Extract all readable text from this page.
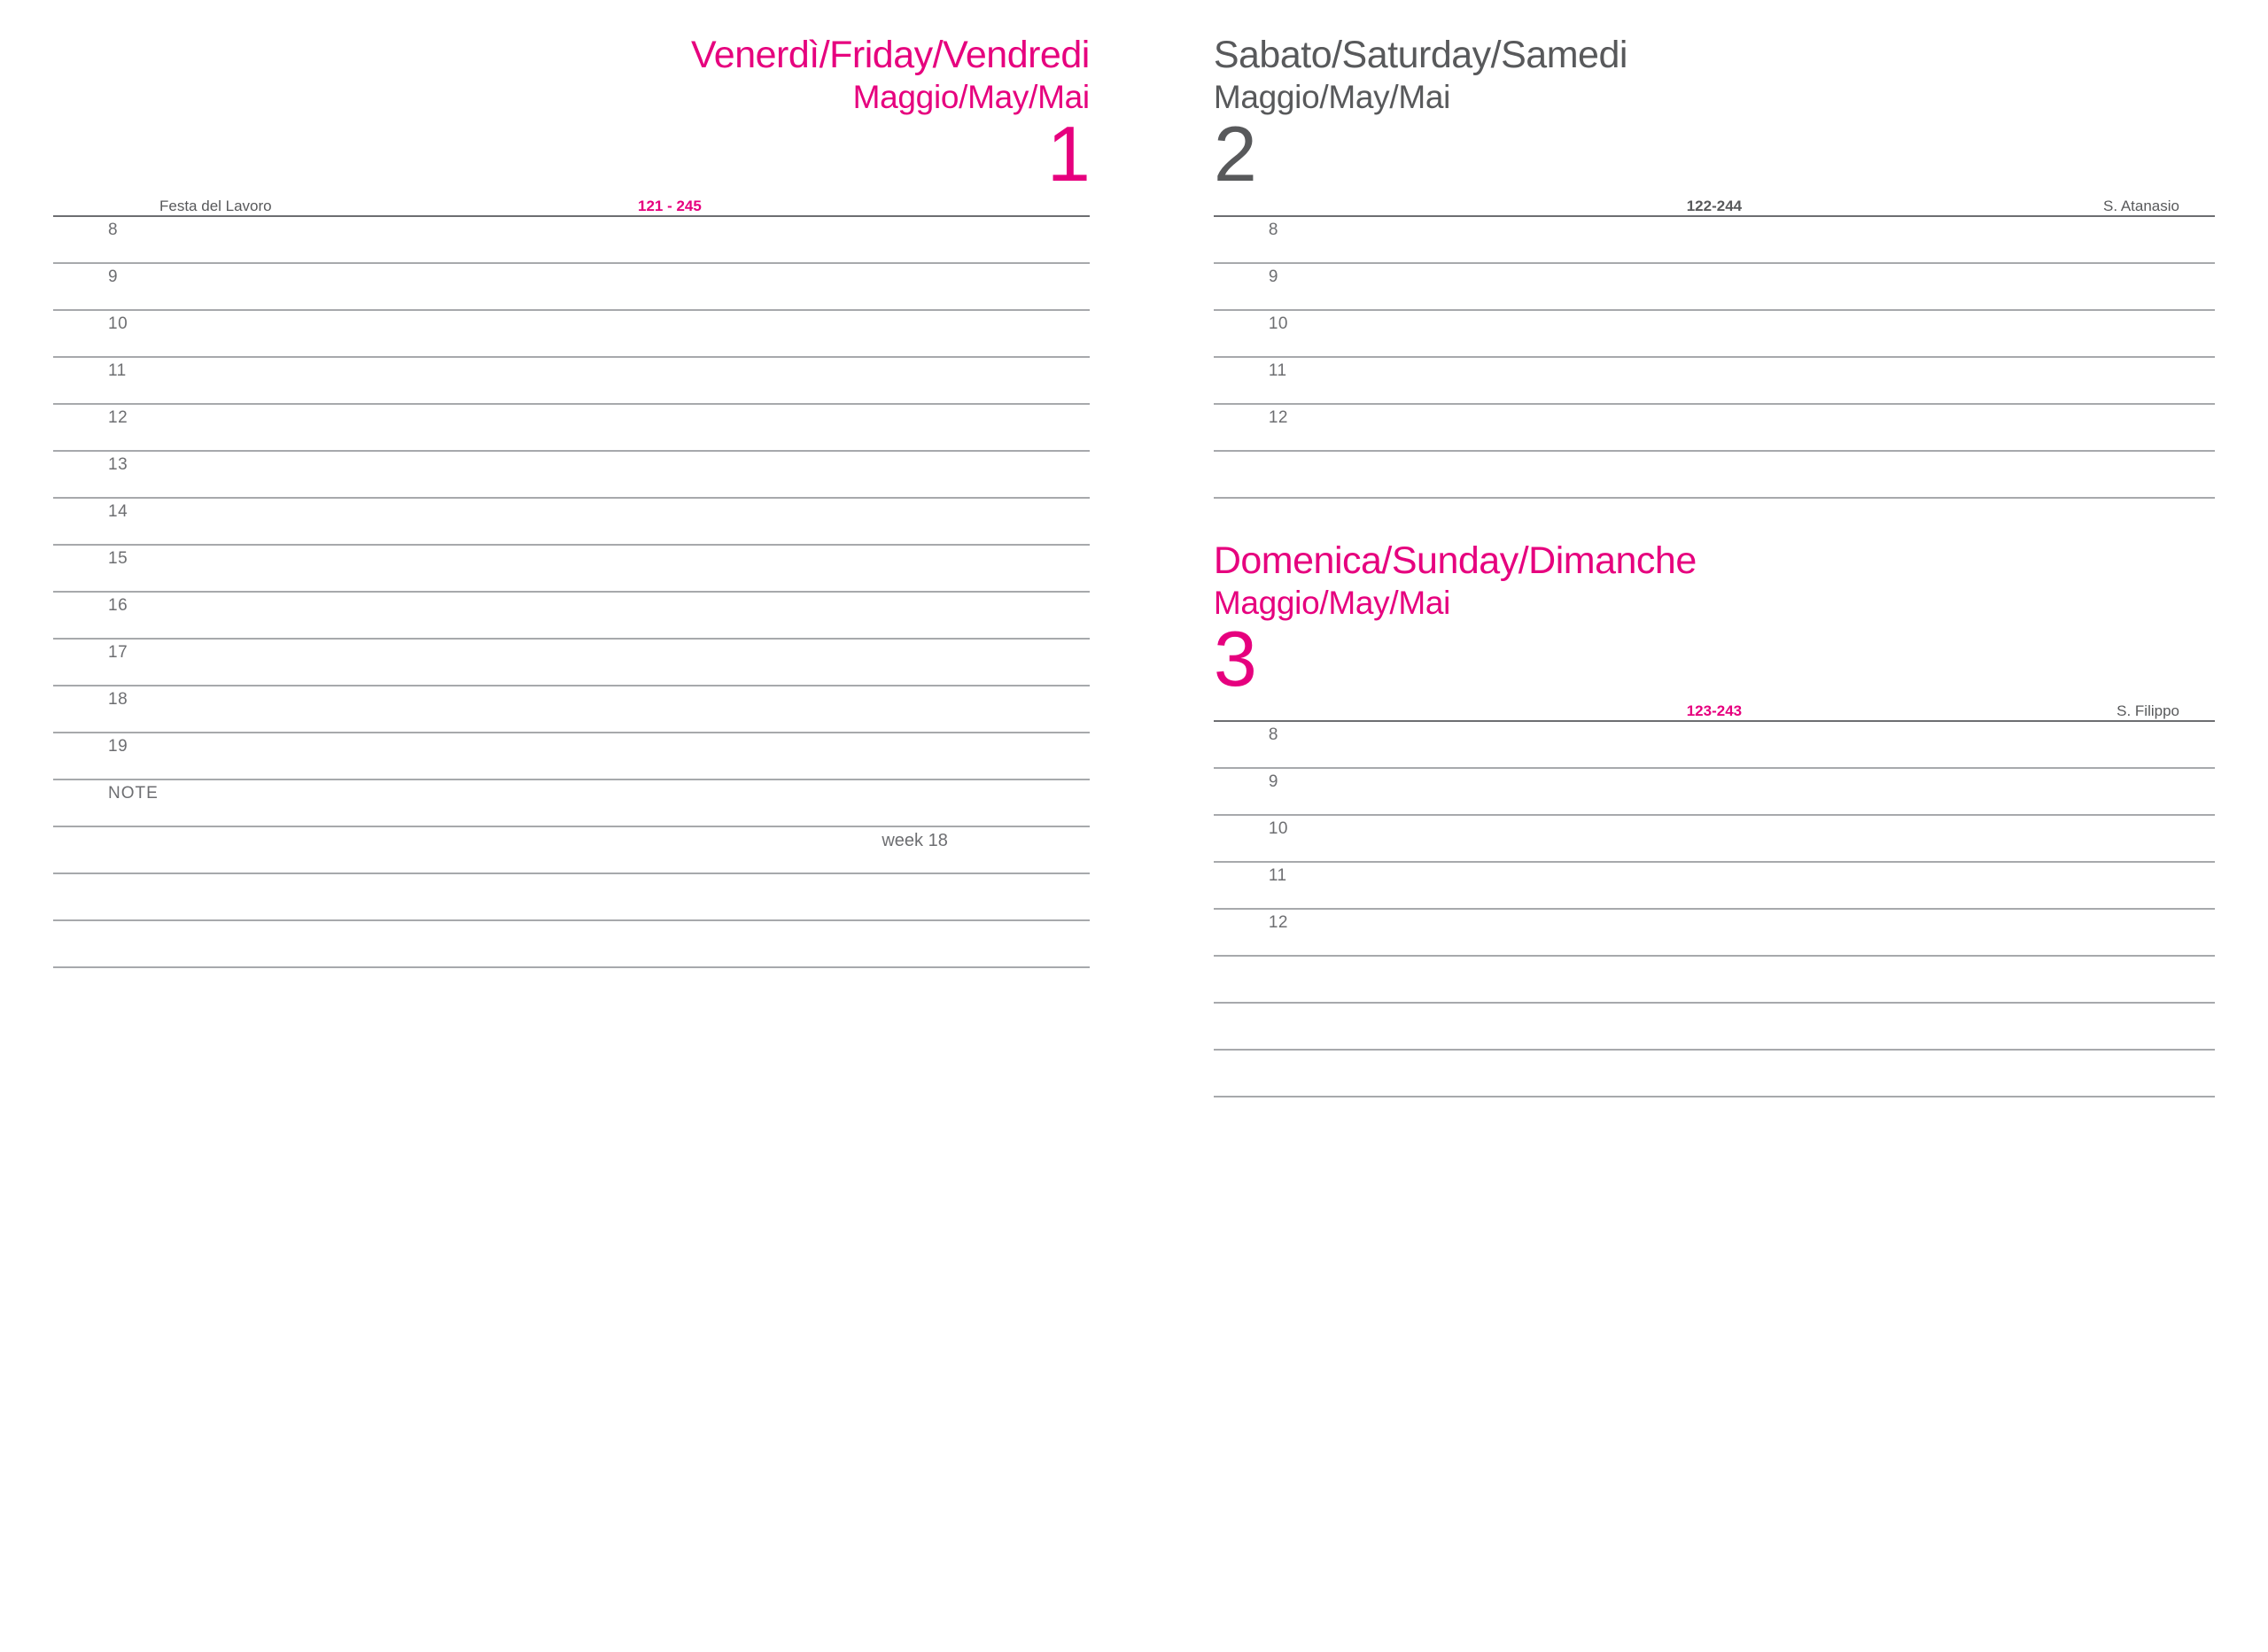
Venerdì/Friday/Vendredi
Maggio/May/Mai
1
Festa del Lavoro	121 - 245
8
9
10
11
12
13
14
15
16
17
18
19
NOTE
week 18
Sabato/Saturday/Samedi
Maggio/May/Mai
2
122-244	S. Atanasio
8
9
10
11
12
Domenica/Sunday/Dimanche
Maggio/May/Mai
3
123-243	S. Filippo
8
9
10
11
12
